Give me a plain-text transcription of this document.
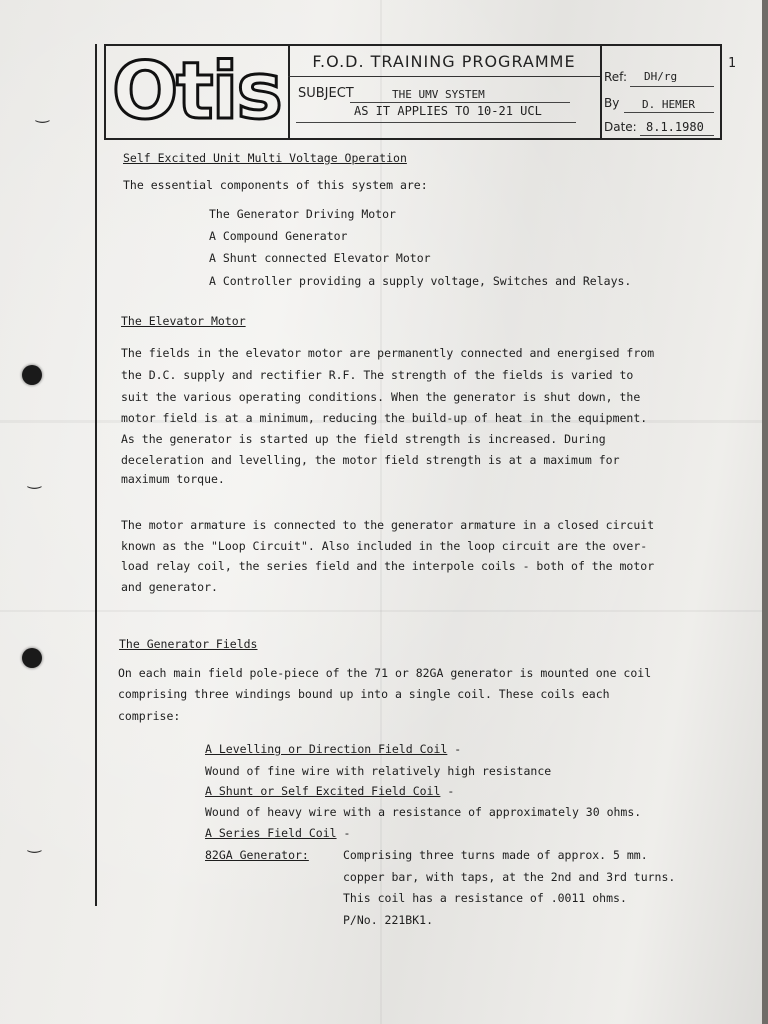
‿
‿
‿
Otis	F.O.D. TRAINING PROGRAMME
SUBJECT	THE UMV SYSTEM
AS IT APPLIES TO 10-21 UCL
Ref: DH/rg
By D. HEMER
Date: 8.1.1980
1
Self Excited Unit Multi Voltage Operation
The essential components of this system are:
The Generator Driving Motor
A Compound Generator
A Shunt connected Elevator Motor
A Controller providing a supply voltage, Switches and Relays.
The Elevator Motor
The fields in the elevator motor are permanently connected and energised from
the D.C. supply and rectifier R.F. The strength of the fields is varied to
suit the various operating conditions. When the generator is shut down, the
motor field is at a minimum, reducing the build-up of heat in the equipment.
As the generator is started up the field strength is increased. During
deceleration and levelling, the motor field strength is at a maximum for
maximum torque.
The motor armature is connected to the generator armature in a closed circuit
known as the "Loop Circuit". Also included in the loop circuit are the over-
load relay coil, the series field and the interpole coils - both of the motor
and generator.
The Generator Fields
On each main field pole-piece of the 71 or 82GA generator is mounted one coil
comprising three windings bound up into a single coil. These coils each
comprise:
A Levelling or Direction Field Coil -
Wound of fine wire with relatively high resistance
A Shunt or Self Excited Field Coil -
Wound of heavy wire with a resistance of approximately 30 ohms.
A Series Field Coil -
82GA Generator:	Comprising three turns made of approx. 5 mm.
copper bar, with taps, at the 2nd and 3rd turns.
This coil has a resistance of .0011 ohms.
P/No. 221BK1.
